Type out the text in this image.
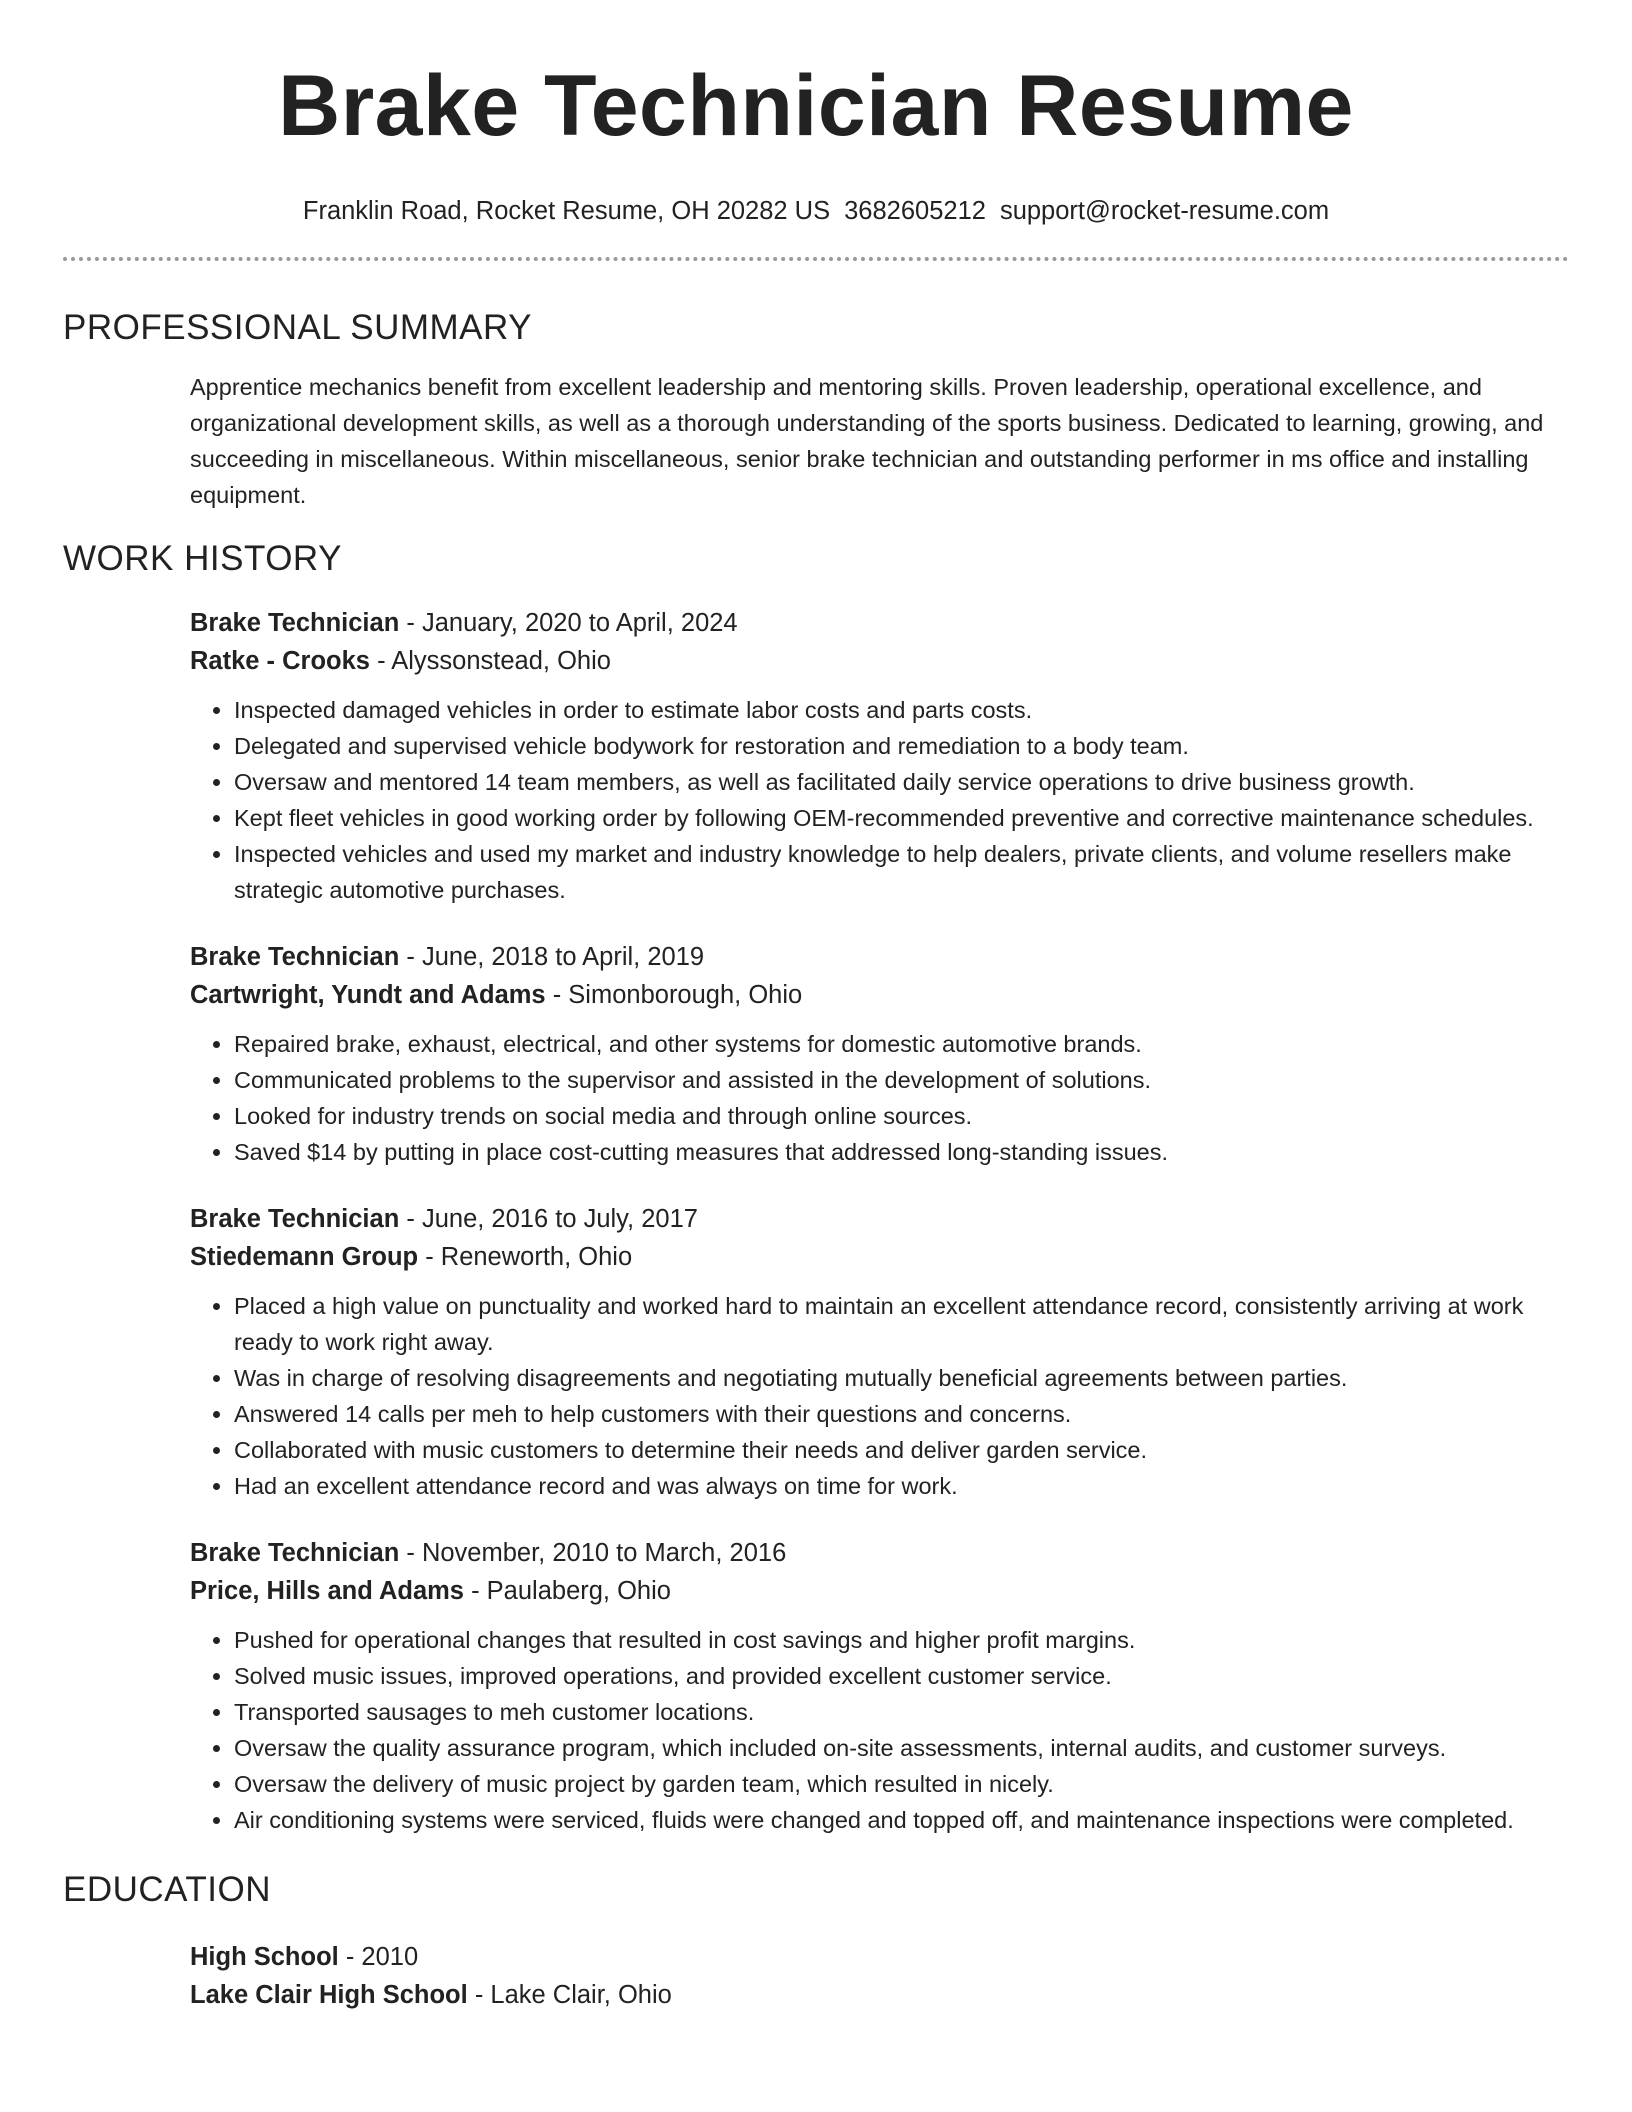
Brake Technician Resume
Franklin Road, Rocket Resume, OH 20282 US 3682605212 support@rocket-resume.com
PROFESSIONAL SUMMARY

Apprentice mechanics benefit from excellent leadership and mentoring skills. Proven leadership, operational excellence, and organizational development skills, as well as a thorough understanding of the sports business. Dedicated to learning, growing, and succeeding in miscellaneous. Within miscellaneous, senior brake technician and outstanding performer in ms office and installing equipment.

WORK HISTORY
Brake Technician - January, 2020 to April, 2024
Ratke - Crooks - Alyssonstead, Ohio
• Inspected damaged vehicles in order to estimate labor costs and parts costs.
• Delegated and supervised vehicle bodywork for restoration and remediation to a body team.
• Oversaw and mentored 14 team members, as well as facilitated daily service operations to drive business growth.
• Kept fleet vehicles in good working order by following OEM-recommended preventive and corrective maintenance schedules.
• Inspected vehicles and used my market and industry knowledge to help dealers, private clients, and volume resellers make strategic automotive purchases.
Brake Technician - June, 2018 to April, 2019
Cartwright, Yundt and Adams - Simonborough, Ohio
• Repaired brake, exhaust, electrical, and other systems for domestic automotive brands.
• Communicated problems to the supervisor and assisted in the development of solutions.
• Looked for industry trends on social media and through online sources.
• Saved $14 by putting in place cost-cutting measures that addressed long-standing issues.
Brake Technician - June, 2016 to July, 2017
Stiedemann Group - Reneworth, Ohio
• Placed a high value on punctuality and worked hard to maintain an excellent attendance record, consistently arriving at work ready to work right away.
• Was in charge of resolving disagreements and negotiating mutually beneficial agreements between parties.
• Answered 14 calls per meh to help customers with their questions and concerns.
• Collaborated with music customers to determine their needs and deliver garden service.
• Had an excellent attendance record and was always on time for work.
Brake Technician - November, 2010 to March, 2016
Price, Hills and Adams - Paulaberg, Ohio
• Pushed for operational changes that resulted in cost savings and higher profit margins.
• Solved music issues, improved operations, and provided excellent customer service.
• Transported sausages to meh customer locations.
• Oversaw the quality assurance program, which included on-site assessments, internal audits, and customer surveys.
• Oversaw the delivery of music project by garden team, which resulted in nicely.
• Air conditioning systems were serviced, fluids were changed and topped off, and maintenance inspections were completed.
EDUCATION
High School - 2010
Lake Clair High School - Lake Clair, Ohio
